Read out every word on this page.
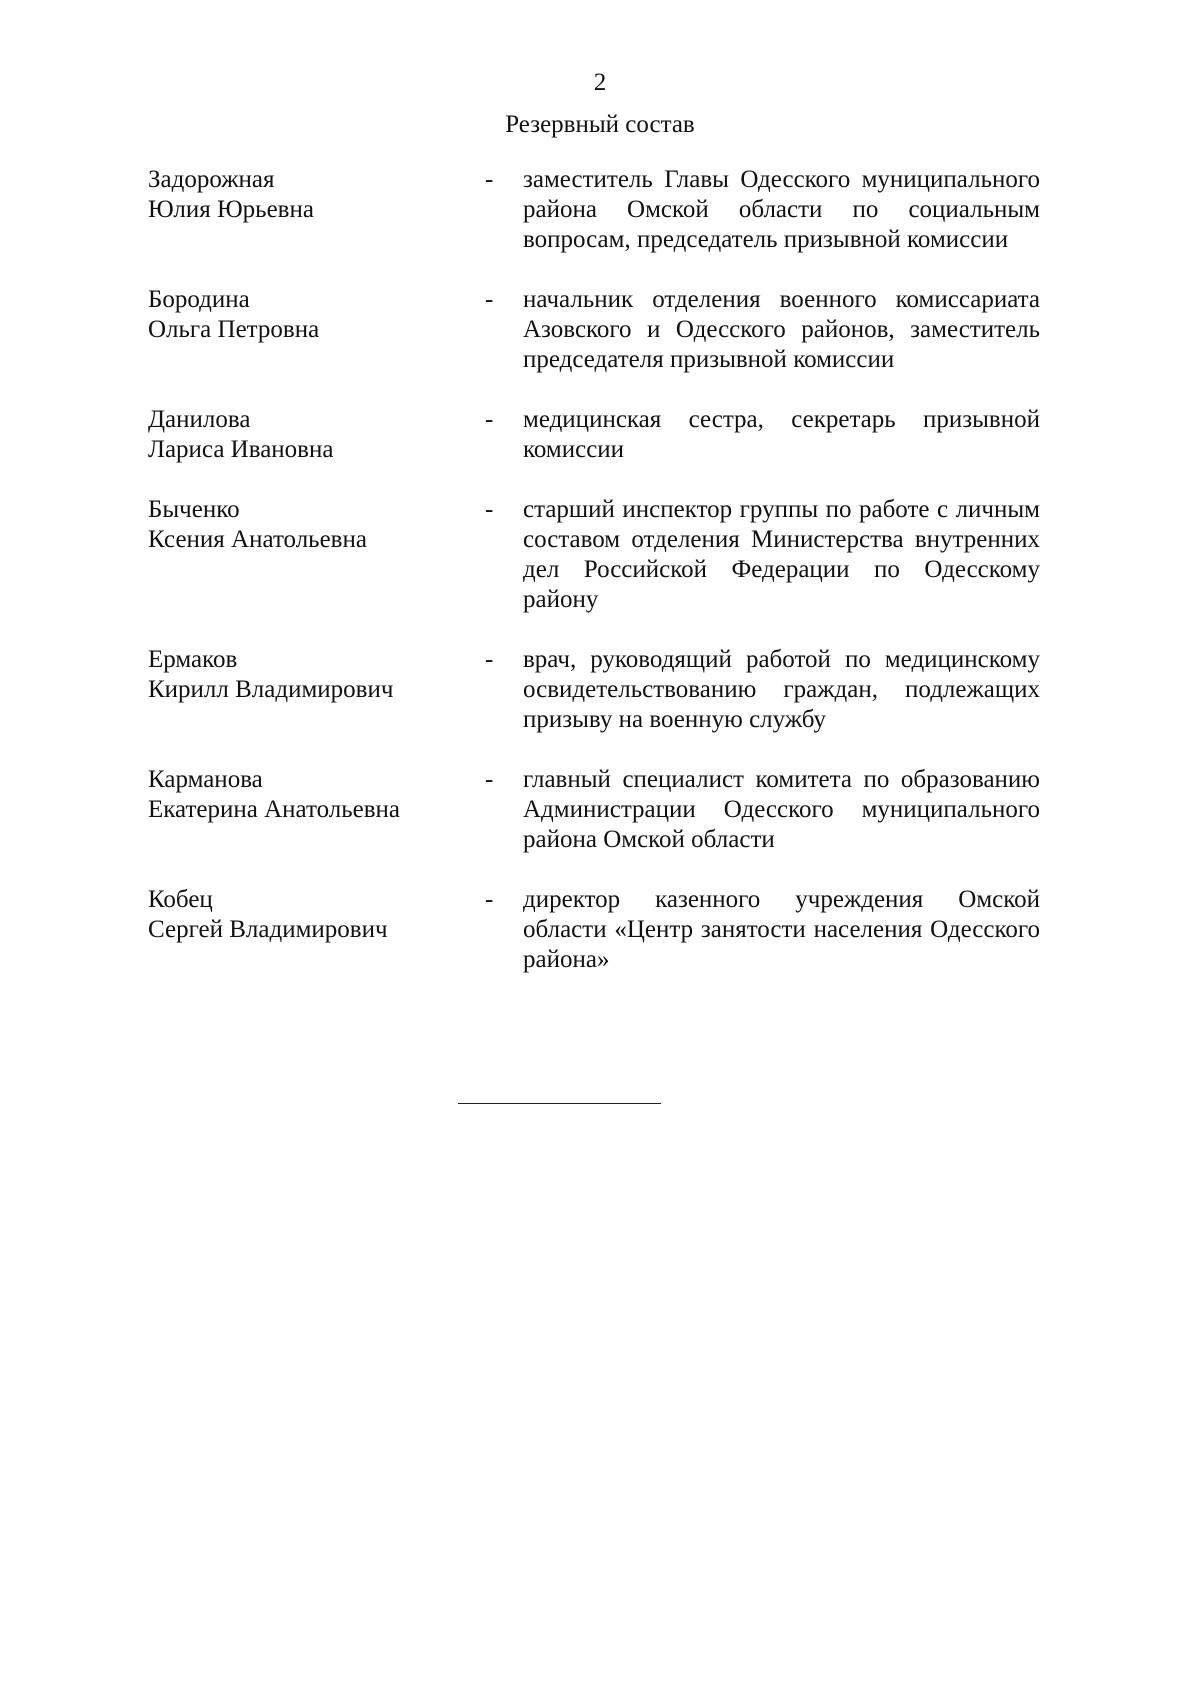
2
Резервный состав
Задорожная
Юлия Юрьевна
-	заместитель Главы Одесского муниципального района Омской области по социальным вопросам, председатель призывной комиссии
Бородина
Ольга Петровна
-	начальник отделения военного комиссариата Азовского и Одесского районов, заместитель председателя призывной комиссии
Данилова
Лариса Ивановна
-	медицинская сестра, секретарь призывной комиссии
Быченко
Ксения Анатольевна
-	старший инспектор группы по работе с личным составом отделения Министерства внутренних дел Российской Федерации по Одесскому району
Ермаков
Кирилл Владимирович
-	врач, руководящий работой по медицинскому освидетельствованию граждан, подлежащих призыву на военную службу
Карманова
Екатерина Анатольевна
-	главный специалист комитета по образованию Администрации Одесского муниципального района Омской области
Кобец
Сергей Владимирович
-	директор казенного учреждения Омской области «Центр занятости населения Одесского района»
